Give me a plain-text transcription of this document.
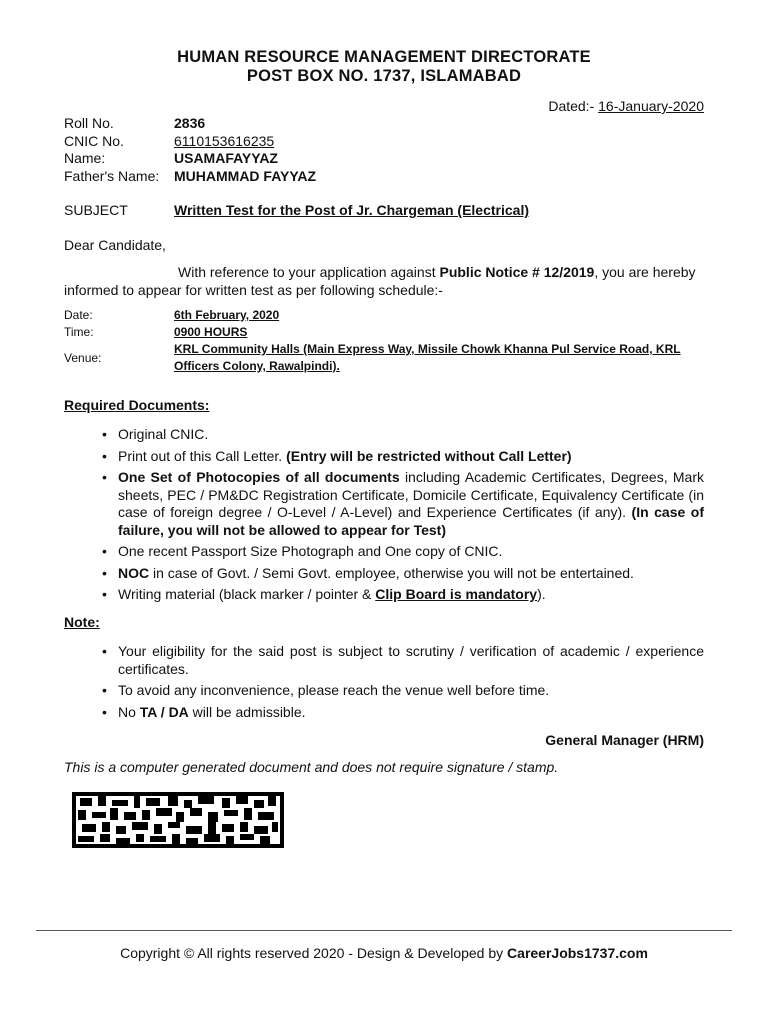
HUMAN RESOURCE MANAGEMENT DIRECTORATE
POST BOX NO. 1737, ISLAMABAD
Dated:- 16-January-2020
Roll No.	2836
CNIC No.	6110153616235
Name:	USAMAFAYYAZ
Father's Name:	MUHAMMAD FAYYAZ
SUBJECT	Written Test for the Post of Jr. Chargeman (Electrical)
Dear Candidate,
With reference to your application against Public Notice # 12/2019, you are hereby informed to appear for written test as per following schedule:-
Date:	6th February, 2020
Time:	0900 HOURS
Venue:
KRL Community Halls (Main Express Way, Missile Chowk Khanna Pul Service Road, KRL Officers Colony, Rawalpindi).
Required Documents:
• Original CNIC.
• Print out of this Call Letter. (Entry will be restricted without Call Letter)
• One Set of Photocopies of all documents including Academic Certificates, Degrees, Mark sheets, PEC / PM&DC Registration Certificate, Domicile Certificate, Equivalency Certificate (in case of foreign degree / O-Level / A-Level) and Experience Certificates (if any). (In case of failure, you will not be allowed to appear for Test)
• One recent Passport Size Photograph and One copy of CNIC.
• NOC in case of Govt. / Semi Govt. employee, otherwise you will not be entertained.
• Writing material (black marker / pointer & Clip Board is mandatory).
Note:
• Your eligibility for the said post is subject to scrutiny / verification of academic / experience certificates.
• To avoid any inconvenience, please reach the venue well before time.
• No TA / DA will be admissible.
General Manager (HRM)
This is a computer generated document and does not require signature / stamp.
Copyright © All rights reserved 2020 - Design & Developed by CareerJobs1737.com
